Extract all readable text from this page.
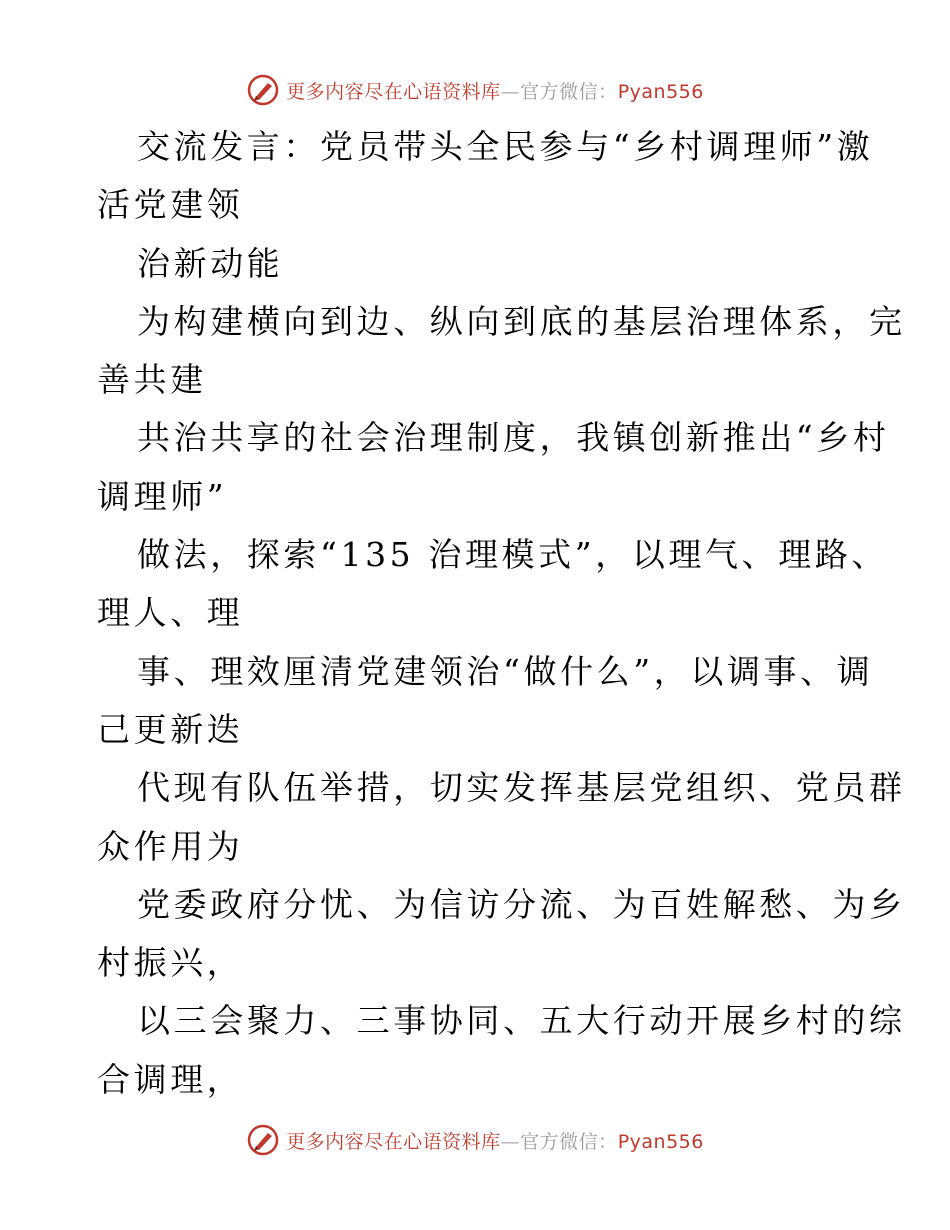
更多内容尽在心语资料库—官方微信：Pyan556
交流发言：党员带头全民参与“乡村调理师”激
活党建领
治新动能
为构建横向到边、纵向到底的基层治理体系，完
善共建
共治共享的社会治理制度，我镇创新推出“乡村
调理师”
做法，探索“135 治理模式”，以理气、理路、
理人、理
事、理效厘清党建领治“做什么”，以调事、调
己更新迭
代现有队伍举措，切实发挥基层党组织、党员群
众作用为
党委政府分忧、为信访分流、为百姓解愁、为乡
村振兴，
以三会聚力、三事协同、五大行动开展乡村的综
合调理，
更多内容尽在心语资料库—官方微信：Pyan556
